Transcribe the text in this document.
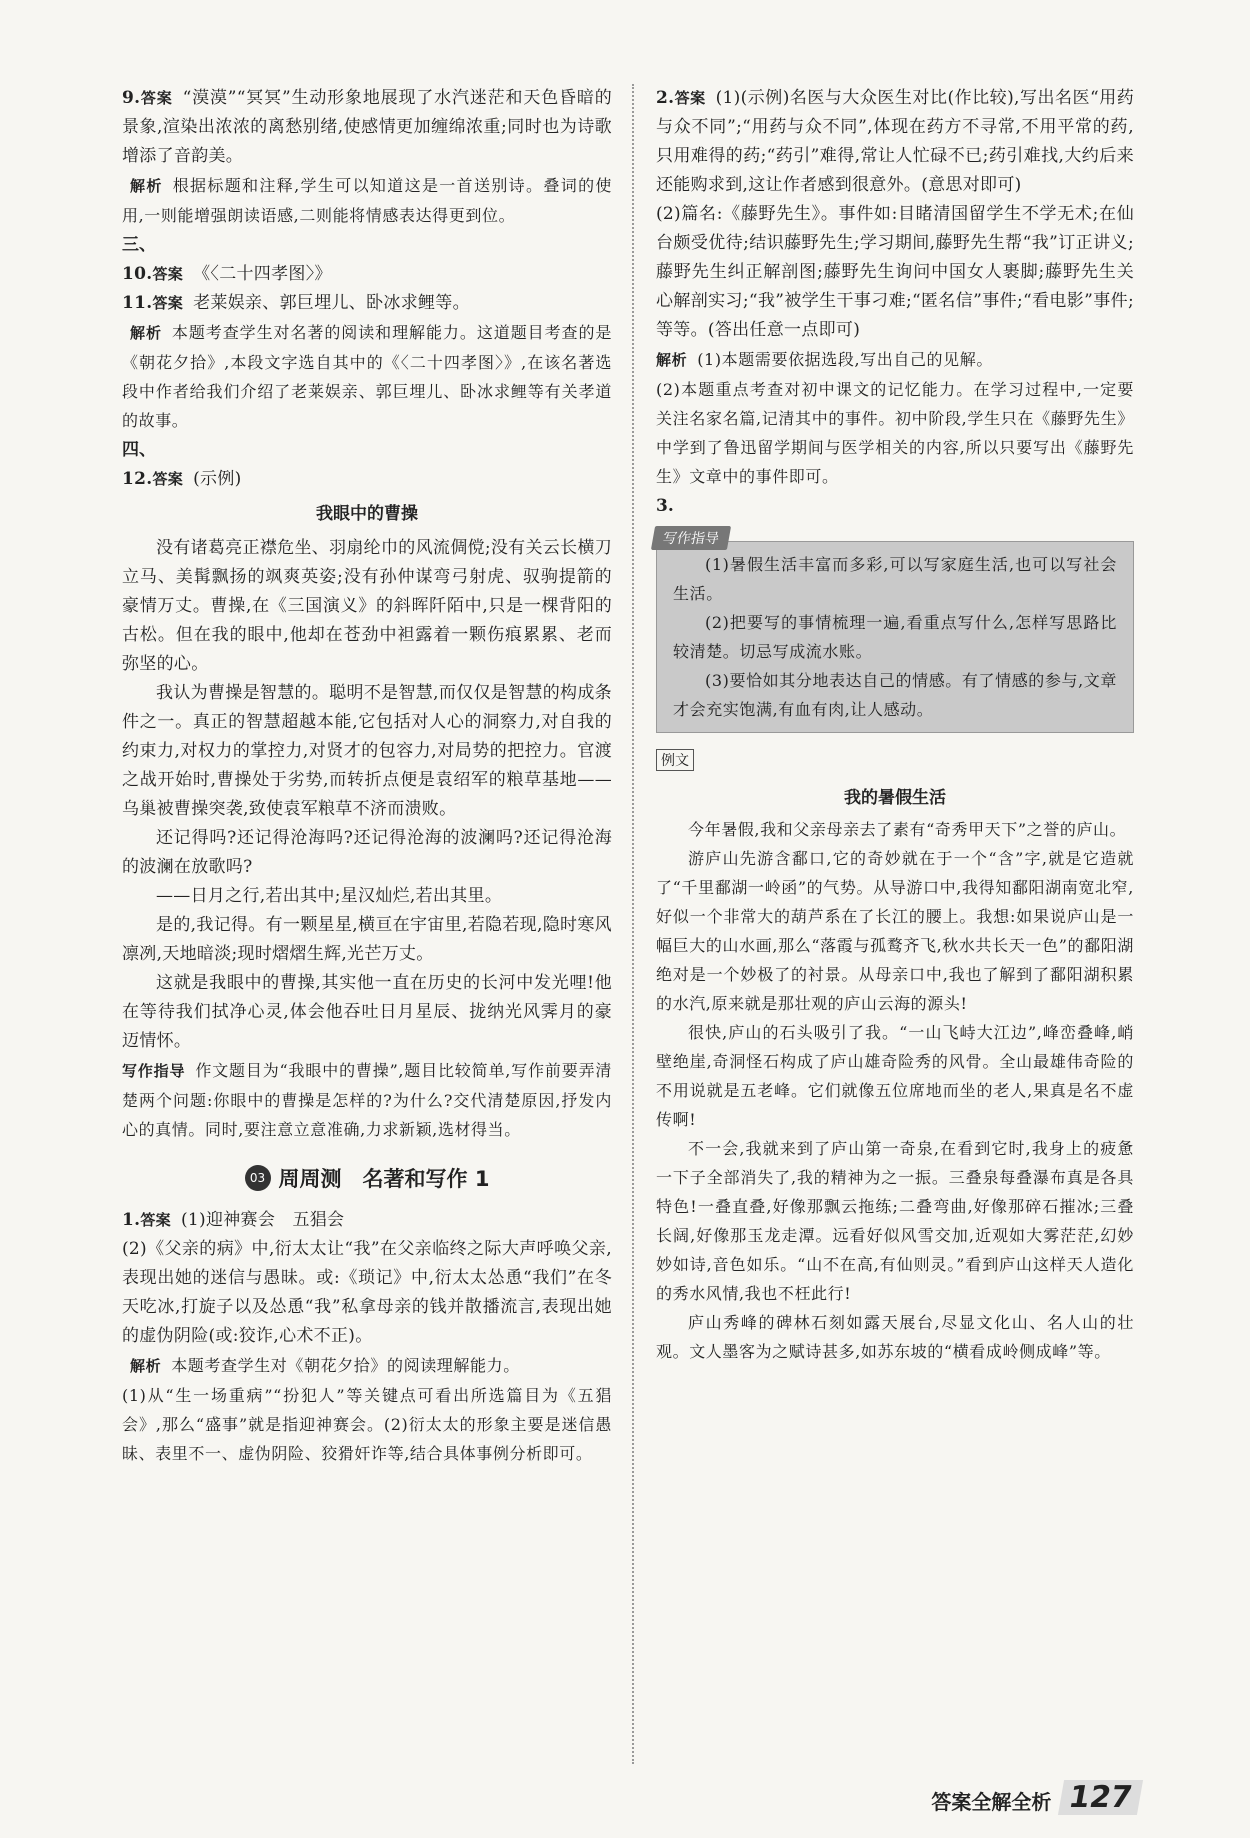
9.答案 “漠漠”“冥冥”生动形象地展现了水汽迷茫和天色昏暗的景象,渲染出浓浓的离愁别绪,使感情更加缠绵浓重;同时也为诗歌增添了音韵美。

解析 根据标题和注释,学生可以知道这是一首送别诗。叠词的使用,一则能增强朗读语感,二则能将情感表达得更到位。

三、

10.答案 《〈二十四孝图〉》

11.答案 老莱娱亲、郭巨埋儿、卧冰求鲤等。

解析 本题考查学生对名著的阅读和理解能力。这道题目考查的是《朝花夕拾》,本段文字选自其中的《〈二十四孝图〉》,在该名著选段中作者给我们介绍了老莱娱亲、郭巨埋儿、卧冰求鲤等有关孝道的故事。

四、

12.答案 (示例)

我眼中的曹操

没有诸葛亮正襟危坐、羽扇纶巾的风流倜傥;没有关云长横刀立马、美髯飘扬的飒爽英姿;没有孙仲谋弯弓射虎、驭驹提箭的豪情万丈。曹操,在《三国演义》的斜晖阡陌中,只是一棵背阳的古松。但在我的眼中,他却在苍劲中袒露着一颗伤痕累累、老而弥坚的心。

我认为曹操是智慧的。聪明不是智慧,而仅仅是智慧的构成条件之一。真正的智慧超越本能,它包括对人心的洞察力,对自我的约束力,对权力的掌控力,对贤才的包容力,对局势的把控力。官渡之战开始时,曹操处于劣势,而转折点便是袁绍军的粮草基地——乌巢被曹操突袭,致使袁军粮草不济而溃败。

还记得吗?还记得沧海吗?还记得沧海的波澜吗?还记得沧海的波澜在放歌吗?

——日月之行,若出其中;星汉灿烂,若出其里。

是的,我记得。有一颗星星,横亘在宇宙里,若隐若现,隐时寒风凛冽,天地暗淡;现时熠熠生辉,光芒万丈。

这就是我眼中的曹操,其实他一直在历史的长河中发光哩!他在等待我们拭净心灵,体会他吞吐日月星辰、拢纳光风霁月的豪迈情怀。

写作指导 作文题目为“我眼中的曹操”,题目比较简单,写作前要弄清楚两个问题:你眼中的曹操是怎样的?为什么?交代清楚原因,抒发内心的真情。同时,要注意立意准确,力求新颖,选材得当。

03 周周测　名著和写作 1

1.答案 (1)迎神赛会　五猖会

(2)《父亲的病》中,衍太太让“我”在父亲临终之际大声呼唤父亲,表现出她的迷信与愚昧。或:《琐记》中,衍太太怂恿“我们”在冬天吃冰,打旋子以及怂恿“我”私拿母亲的钱并散播流言,表现出她的虚伪阴险(或:狡诈,心术不正)。

解析 本题考查学生对《朝花夕拾》的阅读理解能力。

(1)从“生一场重病”“扮犯人”等关键点可看出所选篇目为《五猖会》,那么“盛事”就是指迎神赛会。(2)衍太太的形象主要是迷信愚昧、表里不一、虚伪阴险、狡猾奸诈等,结合具体事例分析即可。

2.答案 (1)(示例)名医与大众医生对比(作比较),写出名医“用药与众不同”;“用药与众不同”,体现在药方不寻常,不用平常的药,只用难得的药;“药引”难得,常让人忙碌不已;药引难找,大约后来还能购求到,这让作者感到很意外。(意思对即可)

(2)篇名:《藤野先生》。事件如:目睹清国留学生不学无术;在仙台颇受优待;结识藤野先生;学习期间,藤野先生帮“我”订正讲义;藤野先生纠正解剖图;藤野先生询问中国女人裹脚;藤野先生关心解剖实习;“我”被学生干事刁难;“匿名信”事件;“看电影”事件;等等。(答出任意一点即可)

解析 (1)本题需要依据选段,写出自己的见解。

(2)本题重点考查对初中课文的记忆能力。在学习过程中,一定要关注名家名篇,记清其中的事件。初中阶段,学生只在《藤野先生》中学到了鲁迅留学期间与医学相关的内容,所以只要写出《藤野先生》文章中的事件即可。

3.

写作指导

(1)暑假生活丰富而多彩,可以写家庭生活,也可以写社会生活。

(2)把要写的事情梳理一遍,看重点写什么,怎样写思路比较清楚。切忌写成流水账。

(3)要恰如其分地表达自己的情感。有了情感的参与,文章才会充实饱满,有血有肉,让人感动。

例文

我的暑假生活

今年暑假,我和父亲母亲去了素有“奇秀甲天下”之誉的庐山。

游庐山先游含鄱口,它的奇妙就在于一个“含”字,就是它造就了“千里鄱湖一岭函”的气势。从导游口中,我得知鄱阳湖南宽北窄,好似一个非常大的葫芦系在了长江的腰上。我想:如果说庐山是一幅巨大的山水画,那么“落霞与孤鹜齐飞,秋水共长天一色”的鄱阳湖绝对是一个妙极了的衬景。从母亲口中,我也了解到了鄱阳湖积累的水汽,原来就是那壮观的庐山云海的源头!

很快,庐山的石头吸引了我。“一山飞峙大江边”,峰峦叠峰,峭壁绝崖,奇洞怪石构成了庐山雄奇险秀的风骨。全山最雄伟奇险的不用说就是五老峰。它们就像五位席地而坐的老人,果真是名不虚传啊!

不一会,我就来到了庐山第一奇泉,在看到它时,我身上的疲惫一下子全部消失了,我的精神为之一振。三叠泉每叠瀑布真是各具特色!一叠直叠,好像那飘云拖练;二叠弯曲,好像那碎石摧冰;三叠长阔,好像那玉龙走潭。远看好似风雪交加,近观如大雾茫茫,幻妙妙如诗,音色如乐。“山不在高,有仙则灵。”看到庐山这样天人造化的秀水风情,我也不枉此行!

庐山秀峰的碑林石刻如露天展台,尽显文化山、名人山的壮观。文人墨客为之赋诗甚多,如苏东坡的“横看成岭侧成峰”等。

答案全解全析 127
